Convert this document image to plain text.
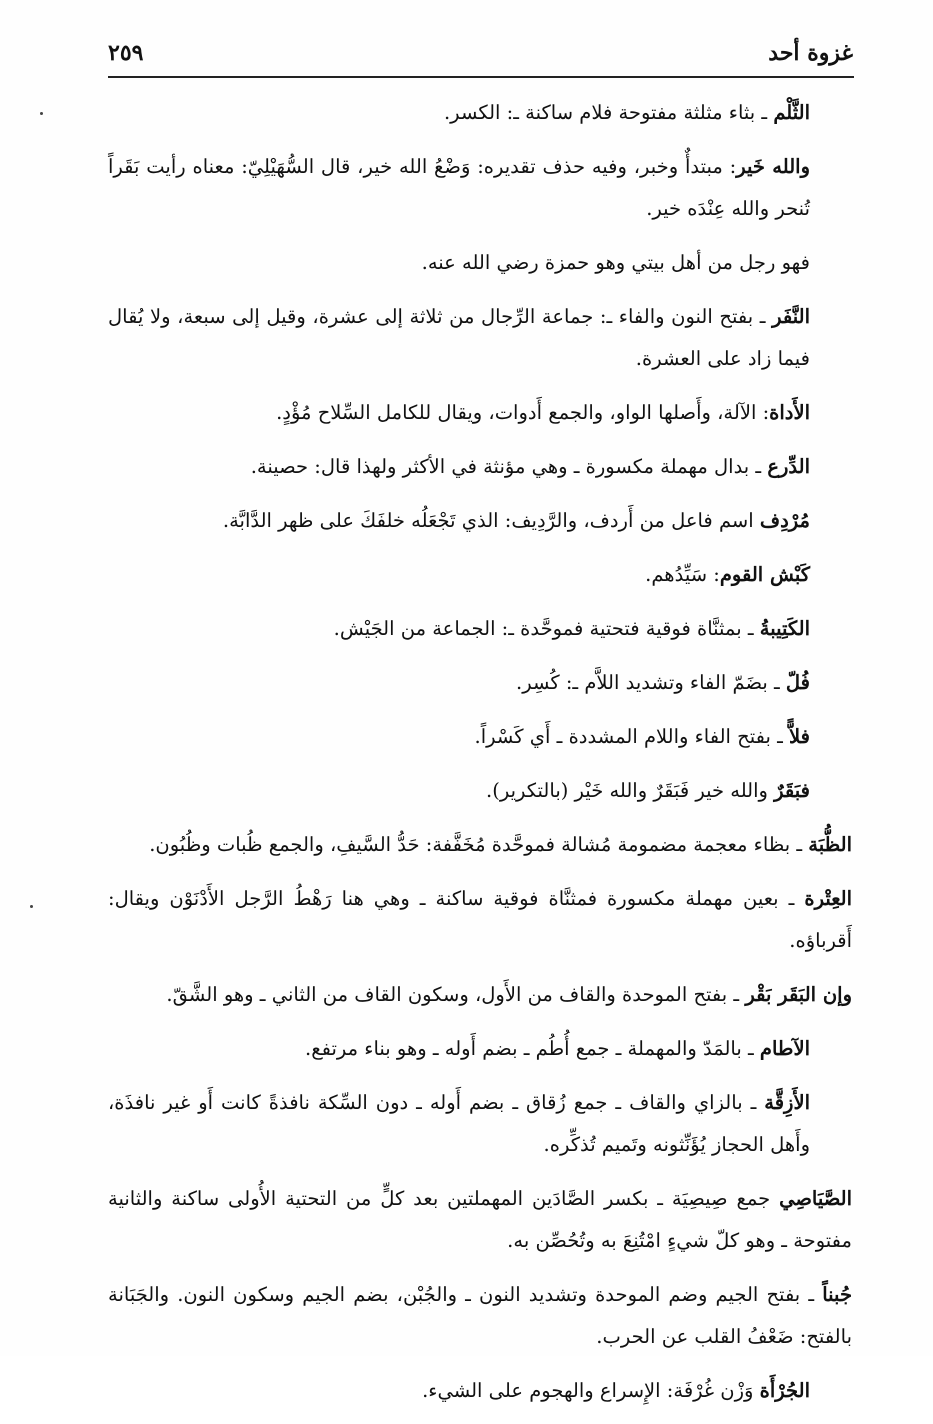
غزوة أحد
٢٥٩

الثَّلْم ـ بثاء مثلثة مفتوحة فلام ساكنة ـ: الكسر.

والله خَير: مبتدأٌ وخبر، وفيه حذف تقديره: وَضْعُ الله خير، قال السُّهَيْلِيّ: معناه رأيت بَقَراً تُنحر والله عِنْدَه خير.

فهو رجل من أهل بيتي وهو حمزة رضي الله عنه.

النَّفَر ـ بفتح النون والفاء ـ: جماعة الرِّجال من ثلاثة إلى عشرة، وقيل إلى سبعة، ولا يُقال فيما زاد على العشرة.

الأَداة: الآلة، وأَصلها الواو، والجمع أَدوات، ويقال للكامل السِّلاح مُؤْدٍ.

الدِّرع ـ بدال مهملة مكسورة ـ وهي مؤنثة في الأكثر ولهذا قال: حصينة.

مُرْدِف اسم فاعل من أَردف، والرَّدِيف: الذي تَجْعَلُه خلفَكَ على ظهر الدَّابَّة.

كَبْش القوم: سَيِّدُهم.

الكَتِيبةُ ـ بمثنَّاة فوقية فتحتية فموحَّدة ـ: الجماعة من الجَيْش.

فُلّ ـ بضَمّ الفاء وتشديد اللاَّم ـ: كُسِر.

فلاًّ ـ بفتح الفاء واللام المشددة ـ أَي كَسْراً.

فبَقَرٌ والله خير فَبَقَرٌ والله خَيْر (بالتكرير).

الظُّبَة ـ بظاء معجمة مضمومة مُشالة فموحَّدة مُخَفَّفة: حَدُّ السَّيفِ، والجمع ظُبات وظُبُون.

العِتْرة ـ بعين مهملة مكسورة فمثنَّاة فوقية ساكنة ـ وهي هنا رَهْطُ الرَّجل الأَدْنَوْن ويقال: أَقرباؤه.

وإن البَقَر بَقْر ـ بفتح الموحدة والقاف من الأَول، وسكون القاف من الثاني ـ وهو الشَّقّ.

الآطام ـ بالمَدّ والمهملة ـ جمع أُطُم ـ بضم أَوله ـ وهو بناء مرتفع.

الأَزِقَّة ـ بالزاي والقاف ـ جمع زُقاق ـ بضم أَوله ـ دون السِّكة نافذةً كانت أَو غير نافذَة، وأَهل الحجاز يُؤَنِّثونه وتَميم تُذكِّره.

الصَّيَاصِي جمع صِيصِيَة ـ بكسر الصَّادَين المهملتين بعد كلٍّ من التحتية الأُولى ساكنة والثانية مفتوحة ـ وهو كلّ شيءٍ امْتُنِعَ به وتُحُصِّن به.

جُبناً ـ بفتح الجيم وضم الموحدة وتشديد النون ـ والجُبْن، بضم الجيم وسكون النون. والجَبَانة بالفتح: ضَعْفُ القلب عن الحرب.

الجُرْأَة وَزْن غُرْفَة: الإِسراع والهجوم على الشيء.
